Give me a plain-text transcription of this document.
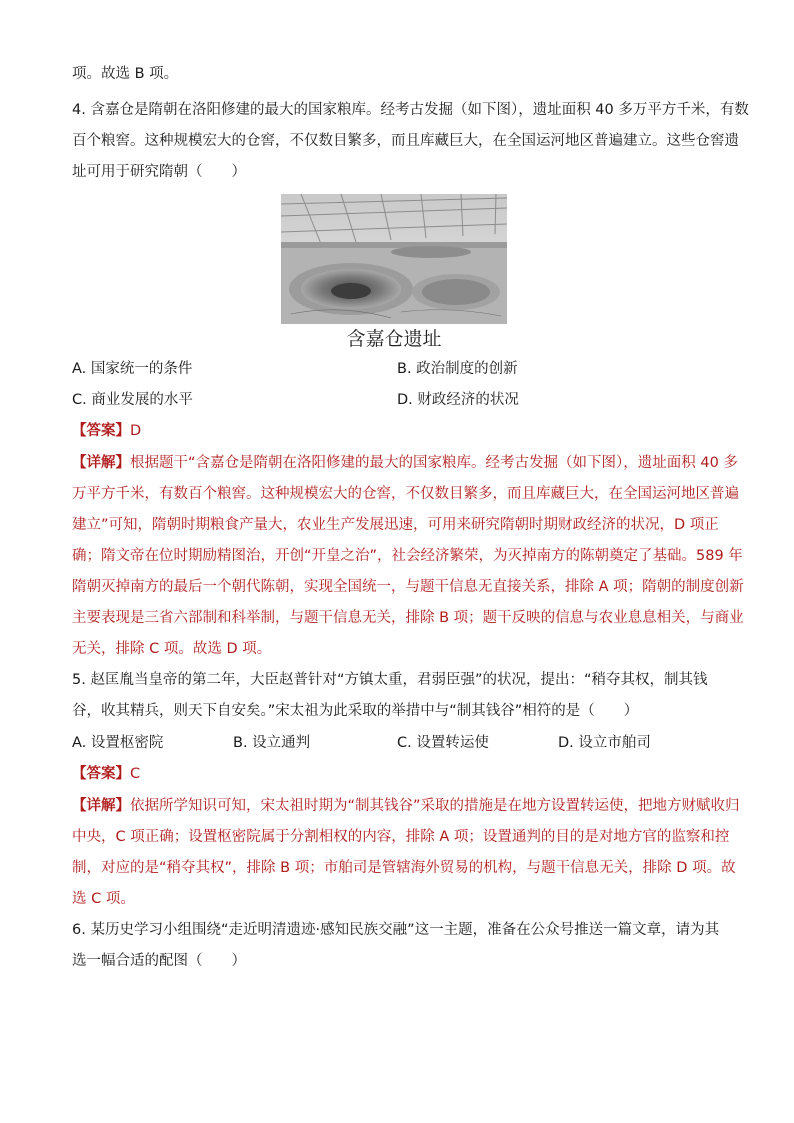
项。故选 B 项。
4. 含嘉仓是隋朝在洛阳修建的最大的国家粮库。经考古发掘（如下图），遗址面积 40 多万平方千米，有数
百个粮窖。这种规模宏大的仓窖，不仅数目繁多，而且库藏巨大，在全国运河地区普遍建立。这些仓窖遗
址可用于研究隋朝（　　）
含嘉仓遗址
A. 国家统一的条件	B. 政治制度的创新
C. 商业发展的水平	D. 财政经济的状况
【答案】D
【详解】根据题干“含嘉仓是隋朝在洛阳修建的最大的国家粮库。经考古发掘（如下图），遗址面积 40 多
万平方千米，有数百个粮窖。这种规模宏大的仓窖，不仅数目繁多，而且库藏巨大，在全国运河地区普遍
建立”可知，隋朝时期粮食产量大，农业生产发展迅速，可用来研究隋朝时期财政经济的状况，D 项正
确；隋文帝在位时期励精图治，开创“开皇之治”，社会经济繁荣，为灭掉南方的陈朝奠定了基础。589 年
隋朝灭掉南方的最后一个朝代陈朝，实现全国统一，与题干信息无直接关系，排除 A 项；隋朝的制度创新
主要表现是三省六部制和科举制，与题干信息无关，排除 B 项；题干反映的信息与农业息息相关，与商业
无关，排除 C 项。故选 D 项。
5. 赵匡胤当皇帝的第二年，大臣赵普针对“方镇太重，君弱臣强”的状况，提出：“稍夺其权，制其钱
谷，收其精兵，则天下自安矣。”宋太祖为此采取的举措中与“制其钱谷”相符的是（　　）
A. 设置枢密院	B. 设立通判	C. 设置转运使	D. 设立市舶司
【答案】C
【详解】依据所学知识可知，宋太祖时期为“制其钱谷”采取的措施是在地方设置转运使，把地方财赋收归
中央，C 项正确；设置枢密院属于分割相权的内容，排除 A 项；设置通判的目的是对地方官的监察和控
制，对应的是“稍夺其权”，排除 B 项；市舶司是管辖海外贸易的机构，与题干信息无关，排除 D 项。故
选 C 项。
6. 某历史学习小组围绕“走近明清遗迹·感知民族交融”这一主题，准备在公众号推送一篇文章，请为其
选一幅合适的配图（　　）
